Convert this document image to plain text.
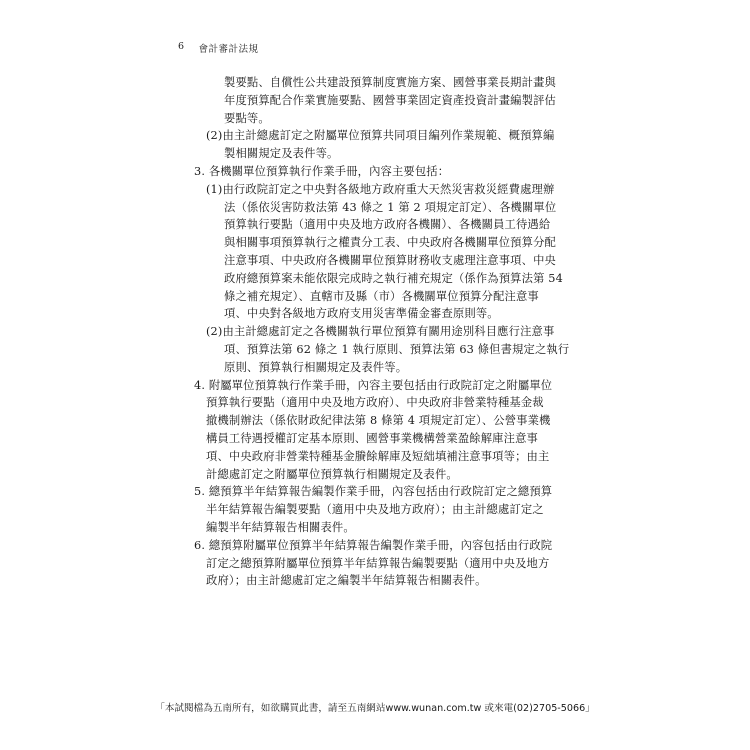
6 會計審計法規
製要點、自償性公共建設預算制度實施方案、國營事業長期計畫與
年度預算配合作業實施要點、國營事業固定資產投資計畫編製評估
要點等。
(2)由主計總處訂定之附屬單位預算共同項目編列作業規範、概預算編
製相關規定及表件等。
3. 各機關單位預算執行作業手冊，內容主要包括：
(1)由行政院訂定之中央對各級地方政府重大天然災害救災經費處理辦
法（係依災害防救法第 43 條之 1 第 2 項規定訂定）、各機關單位
預算執行要點（適用中央及地方政府各機關）、各機關員工待遇給
與相關事項預算執行之權責分工表、中央政府各機關單位預算分配
注意事項、中央政府各機關單位預算財務收支處理注意事項、中央
政府總預算案未能依限完成時之執行補充規定（係作為預算法第 54
條之補充規定）、直轄市及縣（市）各機關單位預算分配注意事
項、中央對各級地方政府支用災害準備金審查原則等。
(2)由主計總處訂定之各機關執行單位預算有關用途別科目應行注意事
項、預算法第 62 條之 1 執行原則、預算法第 63 條但書規定之執行
原則、預算執行相關規定及表件等。
4. 附屬單位預算執行作業手冊，內容主要包括由行政院訂定之附屬單位
預算執行要點（適用中央及地方政府）、中央政府非營業特種基金裁
撤機制辦法（係依財政紀律法第 8 條第 4 項規定訂定）、公營事業機
構員工待遇授權訂定基本原則、國營事業機構營業盈餘解庫注意事
項、中央政府非營業特種基金賸餘解庫及短絀填補注意事項等；由主
計總處訂定之附屬單位預算執行相關規定及表件。
5. 總預算半年結算報告編製作業手冊，內容包括由行政院訂定之總預算
半年結算報告編製要點（適用中央及地方政府）；由主計總處訂定之
編製半年結算報告相關表件。
6. 總預算附屬單位預算半年結算報告編製作業手冊，內容包括由行政院
訂定之總預算附屬單位預算半年結算報告編製要點（適用中央及地方
政府）；由主計總處訂定之編製半年結算報告相關表件。
「本試閱檔為五南所有，如欲購買此書，請至五南網站www.wunan.com.tw 或來電(02)2705-5066」
